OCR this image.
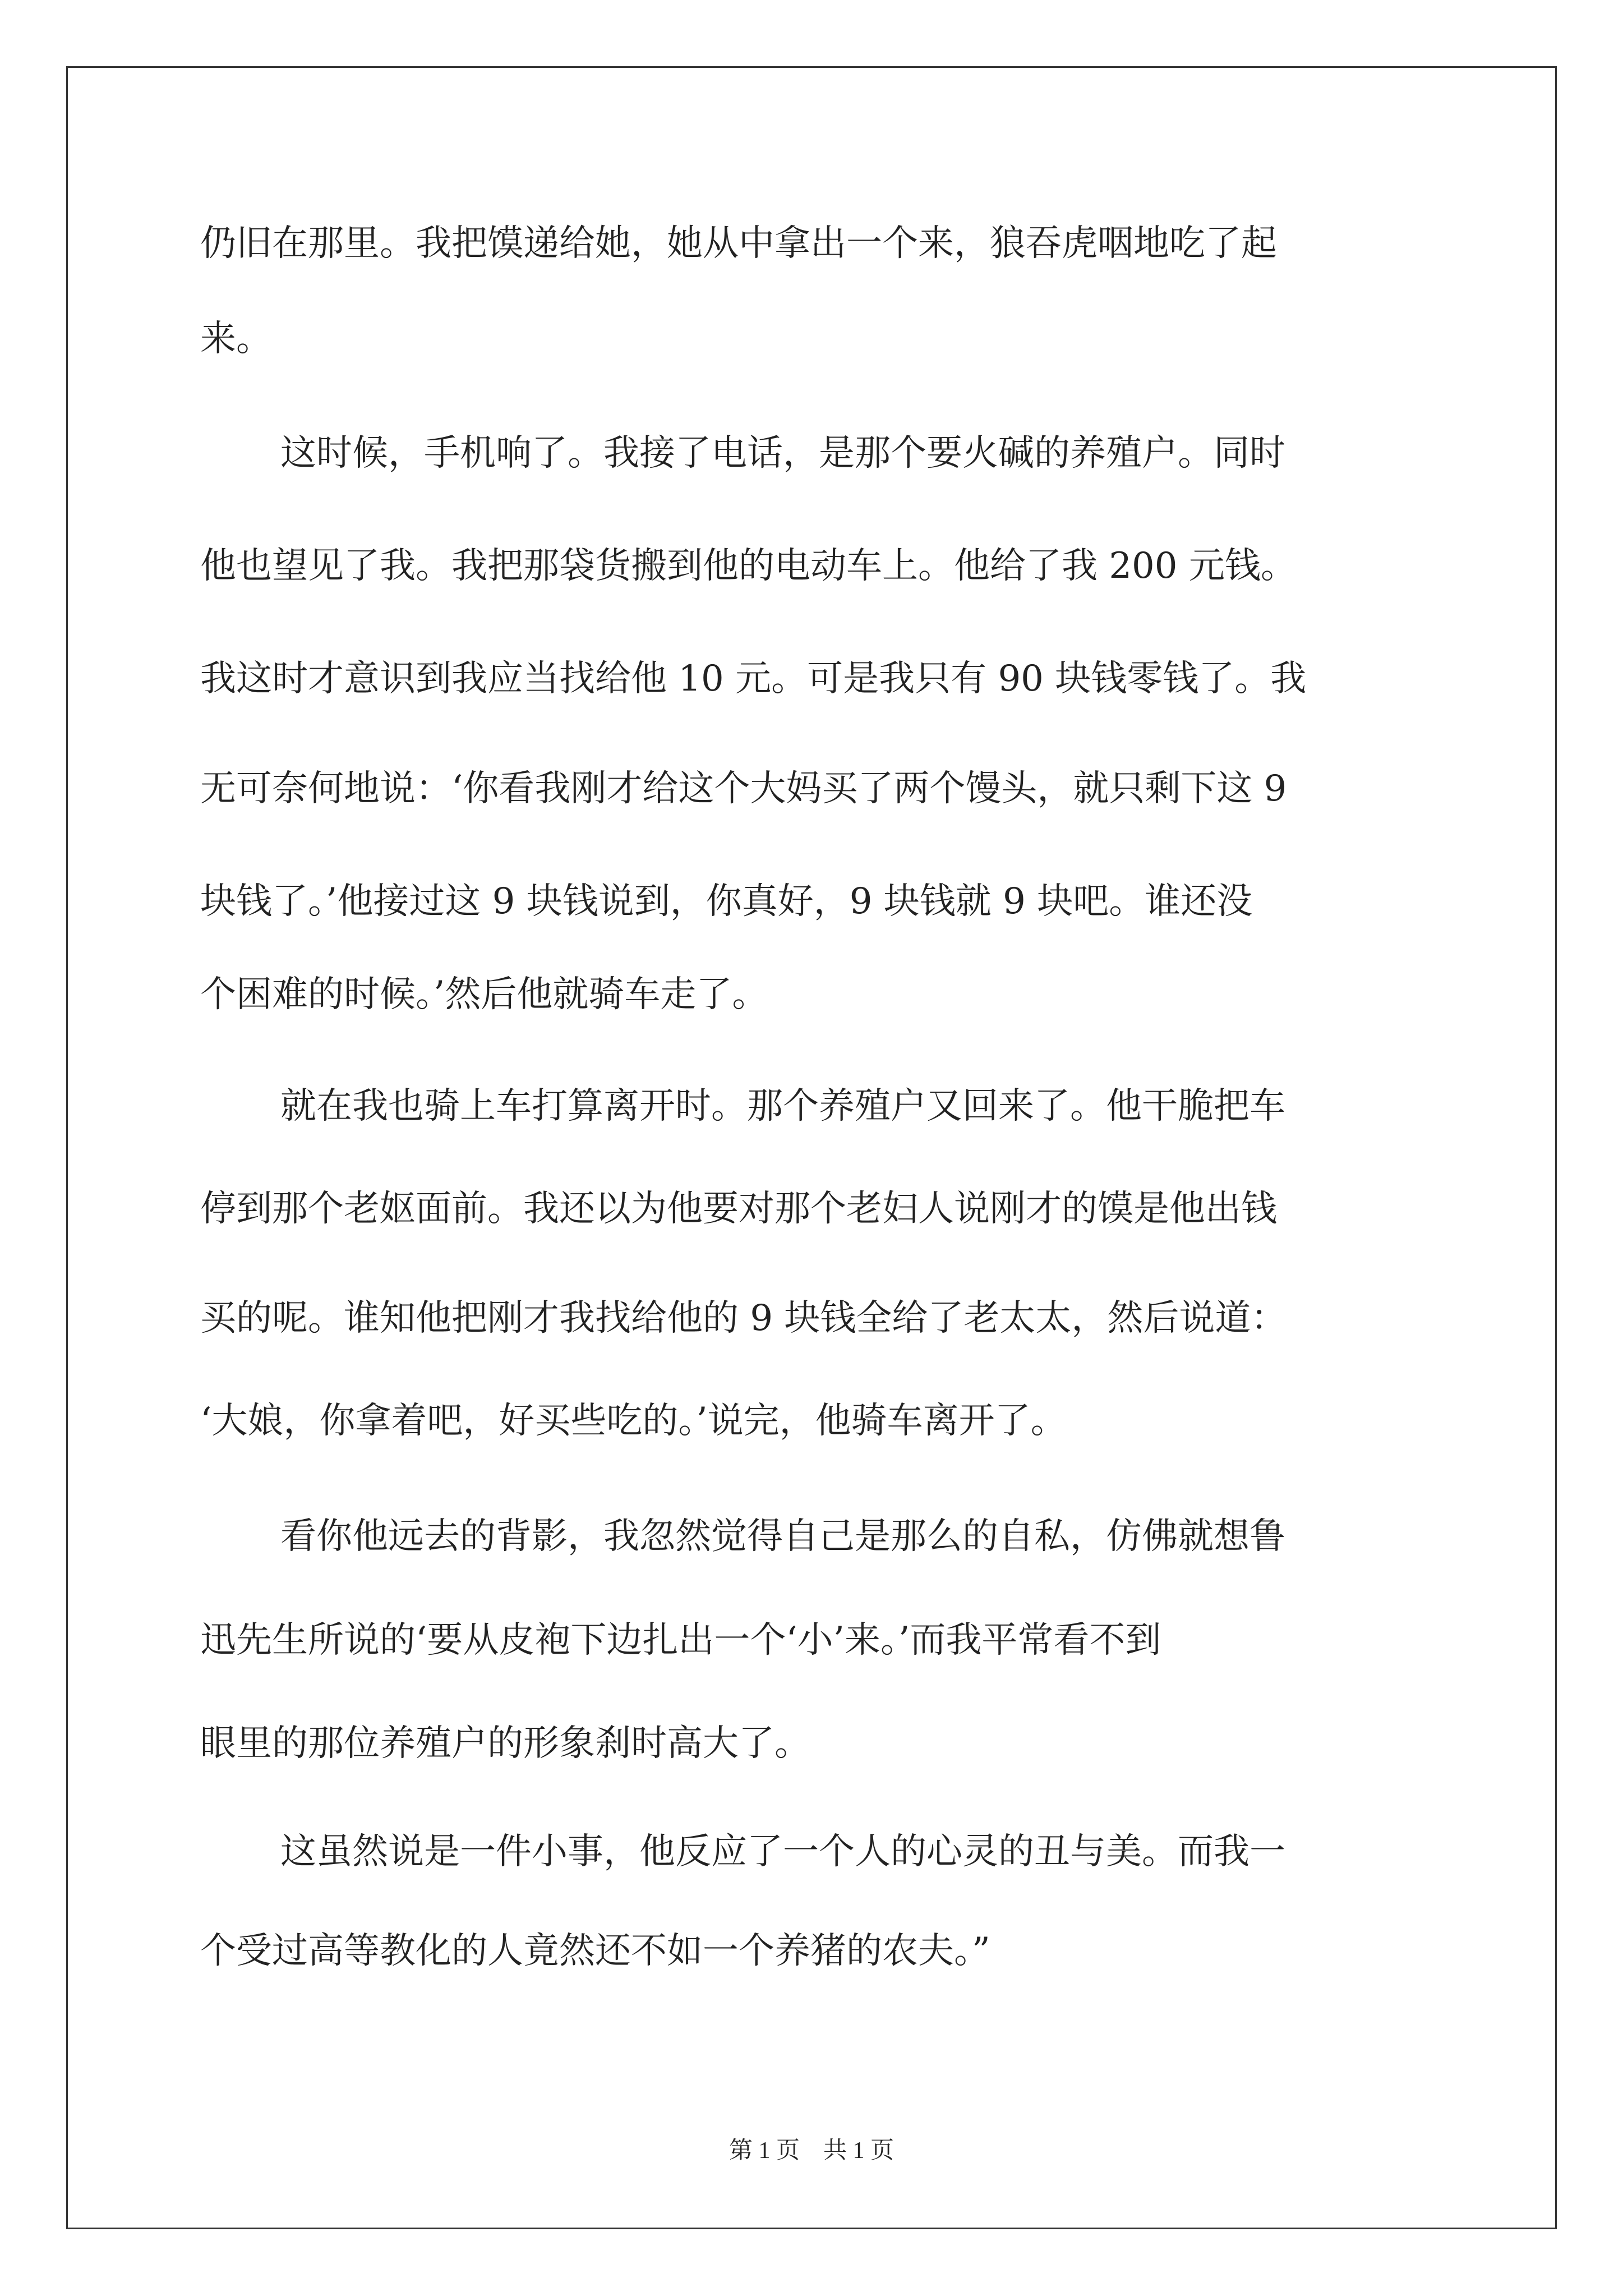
仍旧在那里。我把馍递给她，她从中拿出一个来，狼吞虎咽地吃了起
来。
这时候，手机响了。我接了电话，是那个要火碱的养殖户。同时
他也望见了我。我把那袋货搬到他的电动车上。他给了我 200 元钱。
我这时才意识到我应当找给他 10 元。可是我只有 90 块钱零钱了。我
无可奈何地说：‘你看我刚才给这个大妈买了两个馒头，就只剩下这 9
块钱了。’他接过这 9 块钱说到，你真好，9 块钱就 9 块吧。谁还没
个困难的时候。’然后他就骑车走了。
就在我也骑上车打算离开时。那个养殖户又回来了。他干脆把车
停到那个老妪面前。我还以为他要对那个老妇人说刚才的馍是他出钱
买的呢。谁知他把刚才我找给他的 9 块钱全给了老太太，然后说道：
‘大娘，你拿着吧，好买些吃的。’说完，他骑车离开了。
看你他远去的背影，我忽然觉得自己是那么的自私，仿佛就想鲁
迅先生所说的‘要从皮袍下边扎出一个‘小’来。’而我平常看不到
眼里的那位养殖户的形象刹时高大了。
这虽然说是一件小事，他反应了一个人的心灵的丑与美。而我一
个受过高等教化的人竟然还不如一个养猪的农夫。”
第 1 页　共 1 页
